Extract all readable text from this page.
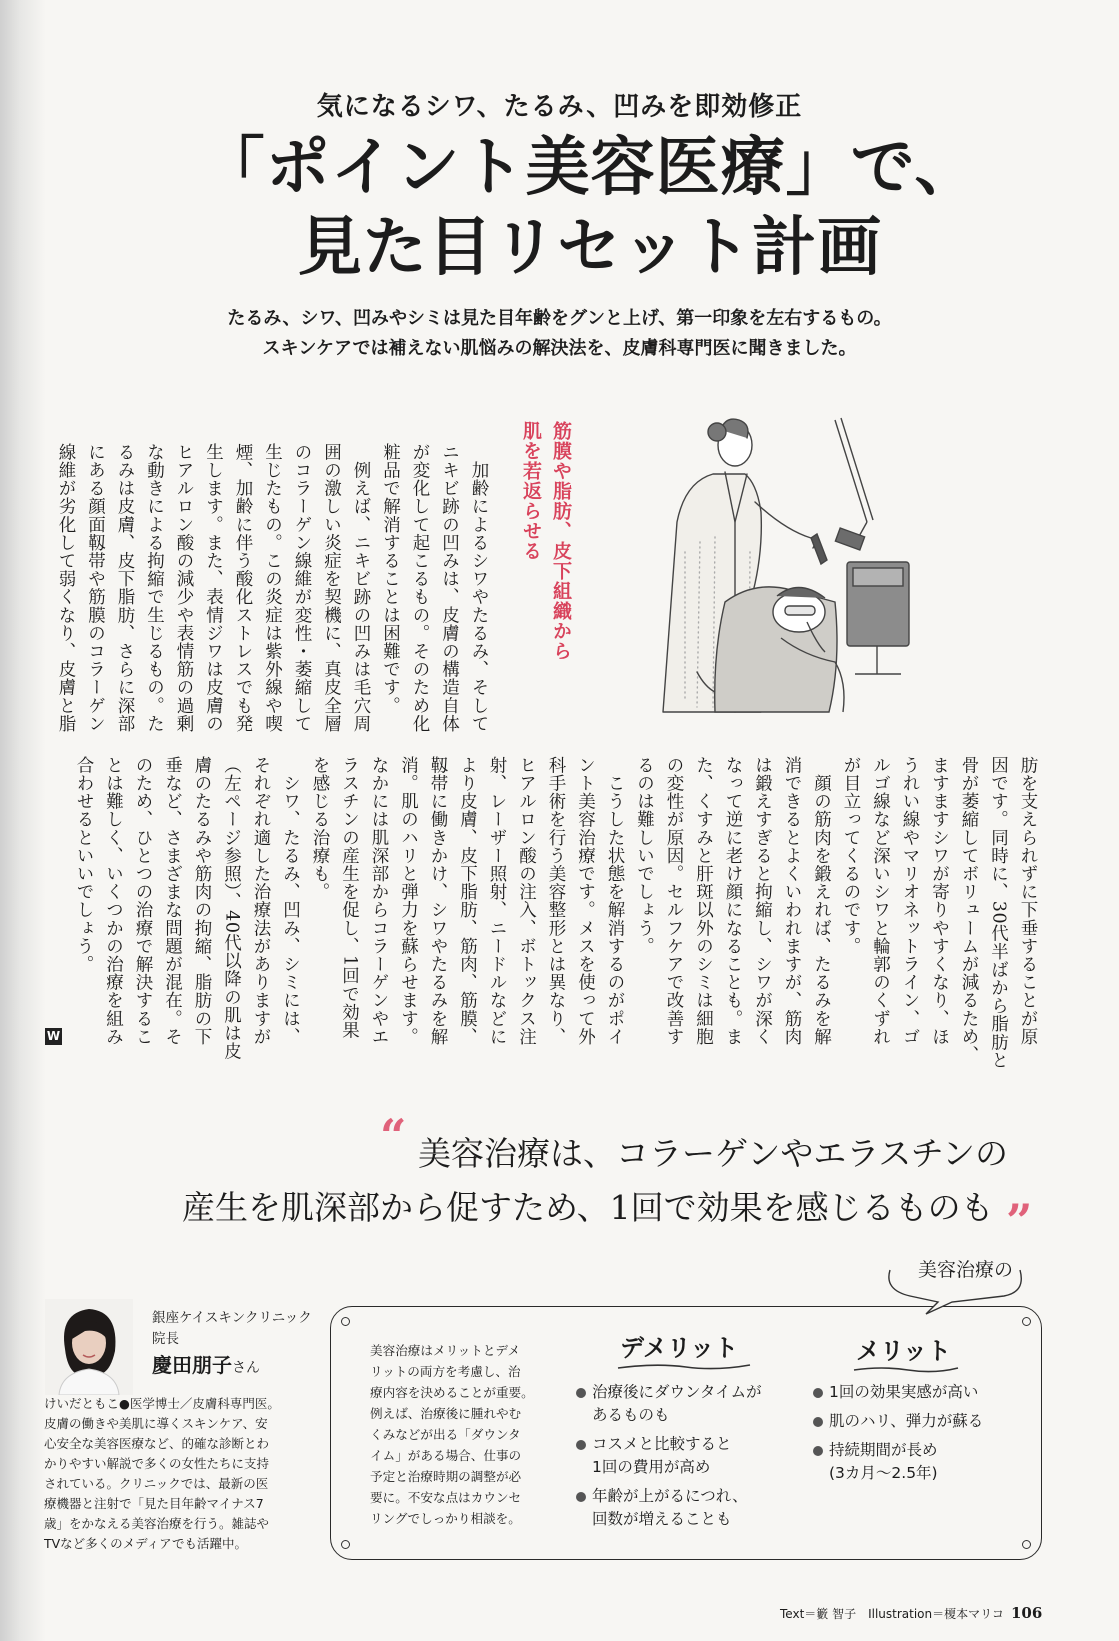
気になるシワ、たるみ、凹みを即効修正
「ポイント美容医療」で、
見た目リセット計画
たるみ、シワ、凹みやシミは見た目年齢をグンと上げ、第一印象を左右するもの。
スキンケアでは補えない肌悩みの解決法を、皮膚科専門医に聞きました。
　加齢によるシワやたるみ、そして
ニキビ跡の凹みは、皮膚の構造自体
が変化して起こるもの。そのため化
粧品で解消することは困難です。
　例えば、ニキビ跡の凹みは毛穴周
囲の激しい炎症を契機に、真皮全層
のコラーゲン線維が変性・萎縮して
生じたもの。この炎症は紫外線や喫
煙、加齢に伴う酸化ストレスでも発
生します。また、表情ジワは皮膚の
ヒアルロン酸の減少や表情筋の過剰
な動きによる拘縮で生じるもの。た
るみは皮膚、皮下脂肪、さらに深部
にある顔面靱帯や筋膜のコラーゲン
線維が劣化して弱くなり、皮膚と脂	筋膜や脂肪、皮下組織から
肌を若返らせる
肪を支えられずに下垂することが原
因です。同時に、30代半ばから脂肪と
骨が萎縮してボリュームが減るため、
ますますシワが寄りやすくなり、ほ
うれい線やマリオネットライン、ゴ
ルゴ線など深いシワと輪郭のくずれ
が目立ってくるのです。
　顔の筋肉を鍛えれば、たるみを解
消できるとよくいわれますが、筋肉
は鍛えすぎると拘縮し、シワが深く
なって逆に老け顔になることも。ま
た、くすみと肝斑以外のシミは細胞
の変性が原因。セルフケアで改善す
るのは難しいでしょう。
　こうした状態を解消するのがポイ
ント美容治療です。メスを使って外
科手術を行う美容整形とは異なり、
ヒアルロン酸の注入、ボトックス注
射、レーザー照射、ニードルなどに
より皮膚、皮下脂肪、筋肉、筋膜、
靱帯に働きかけ、シワやたるみを解
消。肌のハリと弾力を蘇らせます。
なかには肌深部からコラーゲンやエ
ラスチンの産生を促し、1回で効果
を感じる治療も。
　シワ、たるみ、凹み、シミには、
それぞれ適した治療法がありますが
（左ページ参照）、40代以降の肌は皮
膚のたるみや筋肉の拘縮、脂肪の下
垂など、さまざまな問題が混在。そ
のため、ひとつの治療で解決するこ
とは難しく、いくつかの治療を組み
合わせるといいでしょう。
W
“ 美容治療は、コラーゲンやエラスチンの
産生を肌深部から促すため、1回で効果を感じるものも ”
銀座ケイスキンクリニック
院長
慶田朋子さん
けいだともこ●医学博士／皮膚科専門医。
皮膚の働きや美肌に導くスキンケア、安
心安全な美容医療など、的確な診断とわ
かりやすい解説で多くの女性たちに支持
されている。クリニックでは、最新の医
療機器と注射で「見た目年齢マイナス7
歳」をかなえる美容治療を行う。雑誌や
TVなど多くのメディアでも活躍中。
美容治療の
美容治療はメリットとデメ
リットの両方を考慮し、治
療内容を決めることが重要。
例えば、治療後に腫れやむ
くみなどが出る「ダウンタ
イム」がある場合、仕事の
予定と治療時期の調整が必
要に。不安な点はカウンセ
リングでしっかり相談を。
デメリット
治療後にダウンタイムが
あるものも
コスメと比較すると
1回の費用が高め
年齢が上がるにつれ、
回数が増えることも
メリット
1回の効果実感が高い
肌のハリ、弾力が蘇る
持続期間が長め
(3カ月〜2.5年)
Text＝籔 智子　Illustration＝榎本マリコ 106
